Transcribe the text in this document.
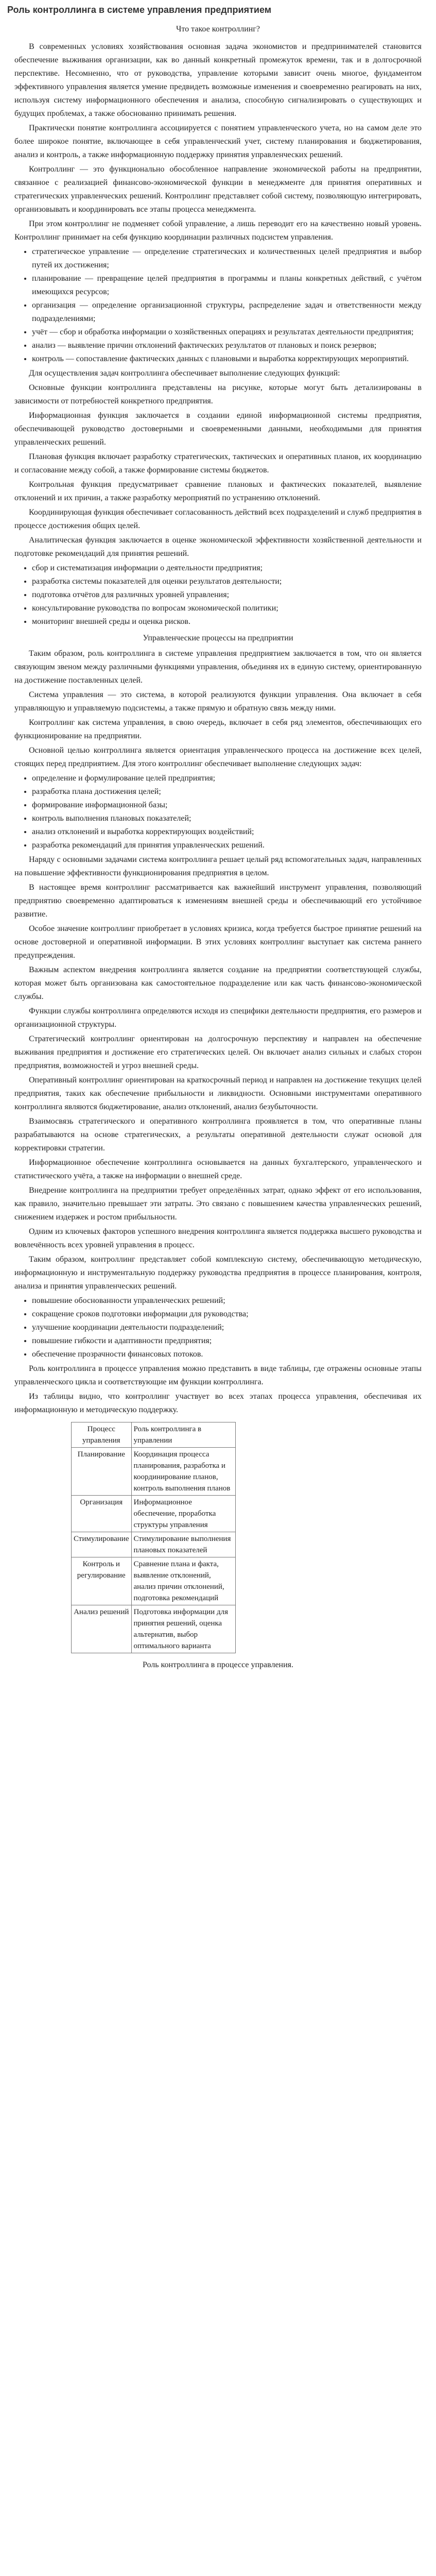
Роль контроллинга в системе управления предприятием
Что такое контроллинг?

В современных условиях хозяйствования основная задача экономистов и предпринимателей становится обеспечение выживания организации, как во данный конкретный промежуток времени, так и в долгосрочной перспективе. Несомненно, что от руководства, управление которыми зависит очень многое, фундаментом эффективного управления является умение предвидеть возможные изменения и своевременно реагировать на них, используя систему информационного обеспечения и анализа, способную сигнализировать о существующих и будущих проблемах, а также обоснованно принимать решения.

Практически понятие контроллинга ассоциируется с понятием управленческого учета, но на самом деле это более широкое понятие, включающее в себя управленческий учет, систему планирования и бюджетирования, анализ и контроль, а также информационную поддержку принятия управленческих решений.

Контроллинг — это функционально обособленное направление экономической работы на предприятии, связанное с реализацией финансово-экономической функции в менеджменте для принятия оперативных и стратегических управленческих решений. Контроллинг представляет собой систему, позволяющую интегрировать, организовывать и координировать все этапы процесса менеджмента.

При этом контроллинг не подменяет собой управление, а лишь переводит его на качественно новый уровень. Контроллинг принимает на себя функцию координации различных подсистем управления.

• стратегическое управление — определение стратегических и количественных целей предприятия и выбор путей их достижения;
• планирование — превращение целей предприятия в программы и планы конкретных действий, с учётом имеющихся ресурсов;
• организация — определение организационной структуры, распределение задач и ответственности между подразделениями;
• учёт — сбор и обработка информации о хозяйственных операциях и результатах деятельности предприятия;
• анализ — выявление причин отклонений фактических результатов от плановых и поиск резервов;
• контроль — сопоставление фактических данных с плановыми и выработка корректирующих мероприятий.

Для осуществления задач контроллинга обеспечивает выполнение следующих функций:

Основные функции контроллинга представлены на рисунке, которые могут быть детализированы в зависимости от потребностей конкретного предприятия.

Информационная функция заключается в создании единой информационной системы предприятия, обеспечивающей руководство достоверными и своевременными данными, необходимыми для принятия управленческих решений.

Плановая функция включает разработку стратегических, тактических и оперативных планов, их координацию и согласование между собой, а также формирование системы бюджетов.

Контрольная функция предусматривает сравнение плановых и фактических показателей, выявление отклонений и их причин, а также разработку мероприятий по устранению отклонений.

Координирующая функция обеспечивает согласованность действий всех подразделений и служб предприятия в процессе достижения общих целей.

Аналитическая функция заключается в оценке экономической эффективности хозяйственной деятельности и подготовке рекомендаций для принятия решений.

• сбор и систематизация информации о деятельности предприятия;
• разработка системы показателей для оценки результатов деятельности;
• подготовка отчётов для различных уровней управления;
• консультирование руководства по вопросам экономической политики;
• мониторинг внешней среды и оценка рисков.
Управленческие процессы на предприятии

Таким образом, роль контроллинга в системе управления предприятием заключается в том, что он является связующим звеном между различными функциями управления, объединяя их в единую систему, ориентированную на достижение поставленных целей.

Система управления — это система, в которой реализуются функции управления. Она включает в себя управляющую и управляемую подсистемы, а также прямую и обратную связь между ними.

Контроллинг как система управления, в свою очередь, включает в себя ряд элементов, обеспечивающих его функционирование на предприятии.

Основной целью контроллинга является ориентация управленческого процесса на достижение всех целей, стоящих перед предприятием. Для этого контроллинг обеспечивает выполнение следующих задач:

• определение и формулирование целей предприятия;
• разработка плана достижения целей;
• формирование информационной базы;
• контроль выполнения плановых показателей;
• анализ отклонений и выработка корректирующих воздействий;
• разработка рекомендаций для принятия управленческих решений.

Наряду с основными задачами система контроллинга решает целый ряд вспомогательных задач, направленных на повышение эффективности функционирования предприятия в целом.

В настоящее время контроллинг рассматривается как важнейший инструмент управления, позволяющий предприятию своевременно адаптироваться к изменениям внешней среды и обеспечивающий его устойчивое развитие.

Особое значение контроллинг приобретает в условиях кризиса, когда требуется быстрое принятие решений на основе достоверной и оперативной информации. В этих условиях контроллинг выступает как система раннего предупреждения.

Важным аспектом внедрения контроллинга является создание на предприятии соответствующей службы, которая может быть организована как самостоятельное подразделение или как часть финансово-экономической службы.

Функции службы контроллинга определяются исходя из специфики деятельности предприятия, его размеров и организационной структуры.

Стратегический контроллинг ориентирован на долгосрочную перспективу и направлен на обеспечение выживания предприятия и достижение его стратегических целей. Он включает анализ сильных и слабых сторон предприятия, возможностей и угроз внешней среды.

Оперативный контроллинг ориентирован на краткосрочный период и направлен на достижение текущих целей предприятия, таких как обеспечение прибыльности и ликвидности. Основными инструментами оперативного контроллинга являются бюджетирование, анализ отклонений, анализ безубыточности.

Взаимосвязь стратегического и оперативного контроллинга проявляется в том, что оперативные планы разрабатываются на основе стратегических, а результаты оперативной деятельности служат основой для корректировки стратегии.

Информационное обеспечение контроллинга основывается на данных бухгалтерского, управленческого и статистического учёта, а также на информации о внешней среде.

Внедрение контроллинга на предприятии требует определённых затрат, однако эффект от его использования, как правило, значительно превышает эти затраты. Это связано с повышением качества управленческих решений, снижением издержек и ростом прибыльности.

Одним из ключевых факторов успешного внедрения контроллинга является поддержка высшего руководства и вовлечённость всех уровней управления в процесс.

Таким образом, контроллинг представляет собой комплексную систему, обеспечивающую методическую, информационную и инструментальную поддержку руководства предприятия в процессе планирования, контроля, анализа и принятия управленческих решений.

• повышение обоснованности управленческих решений;
• сокращение сроков подготовки информации для руководства;
• улучшение координации деятельности подразделений;
• повышение гибкости и адаптивности предприятия;
• обеспечение прозрачности финансовых потоков.

Роль контроллинга в процессе управления можно представить в виде таблицы, где отражены основные этапы управленческого цикла и соответствующие им функции контроллинга.

Из таблицы видно, что контроллинг участвует во всех этапах процесса управления, обеспечивая их информационную и методическую поддержку.

Процесс управления	Роль контроллинга в управлении
Планирование	Координация процесса планирования, разработка и координирование планов, контроль выполнения планов
Организация	Информационное обеспечение, проработка структуры управления
Стимулирование	Стимулирование выполнения плановых показателей
Контроль и регулирование	Сравнение плана и факта, выявление отклонений, анализ причин отклонений, подготовка рекомендаций
Анализ решений	Подготовка информации для принятия решений, оценка альтернатив, выбор оптимального варианта

Роль контроллинга в процессе управления.
